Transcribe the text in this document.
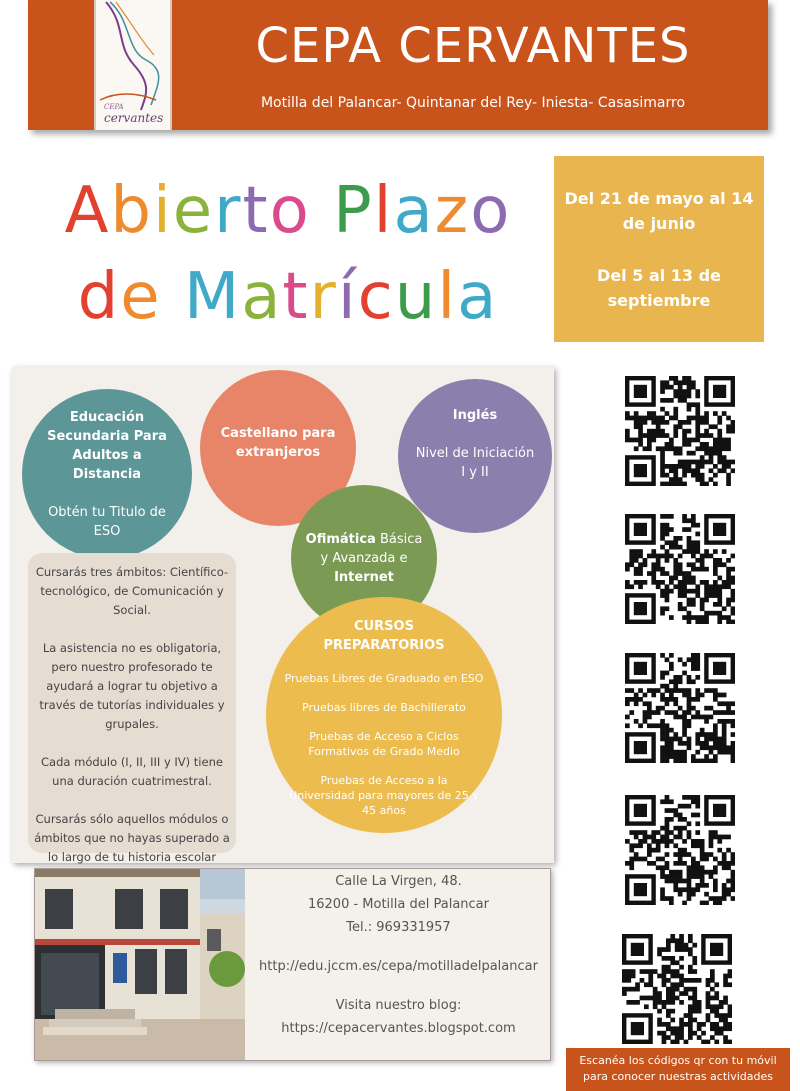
CEPA
cervantes
CEPA CERVANTES
Motilla del Palancar- Quintanar del Rey- Iniesta- Casasimarro
Abierto Plazo
de Matrícula
Del 21 de mayo al 14 de junio
Del 5 al 13 de septiembre
Educación Secundaria Para Adultos a Distancia
Obtén tu Titulo de ESO
Castellano para extranjeros
Inglés
Nivel de Iniciación I y II
Ofimática Básica y Avanzada e Internet
CURSOS PREPARATORIOS
Pruebas Libres de Graduado en ESO
Pruebas libres de Bachillerato
Pruebas de Acceso a Ciclos Formativos de Grado Medio
Pruebas de Acceso a la Universidad para mayores de 25 y 45 años

Cursarás tres ámbitos: Científico-tecnológico, de Comunicación y Social.

La asistencia no es obligatoria, pero nuestro profesorado te ayudará a lograr tu objetivo a través de tutorías individuales y grupales.

Cada módulo (I, II, III y IV) tiene una duración cuatrimestral.

Cursarás sólo aquellos módulos o ámbitos que no hayas superado a lo largo de tu historia escolar

Calle La Virgen, 48.
16200 - Motilla del Palancar
Tel.: 969331957
http://edu.jccm.es/cepa/motilladelpalancar
Visita nuestro blog:
https://cepacervantes.blogspot.com
Escanéa los códigos qr con tu móvil para conocer nuestras actividades
